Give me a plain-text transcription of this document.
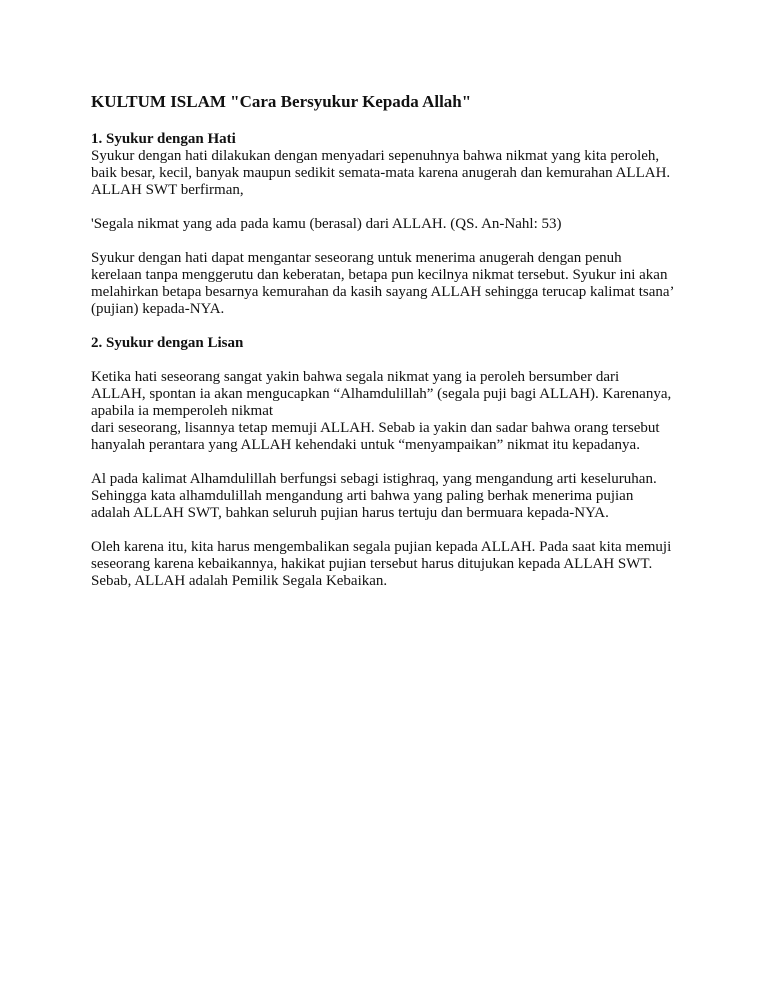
KULTUM ISLAM "Cara Bersyukur Kepada Allah"
1. Syukur dengan Hati
Syukur dengan hati dilakukan dengan menyadari sepenuhnya bahwa nikmat yang kita peroleh,
baik besar, kecil, banyak maupun sedikit semata-mata karena anugerah dan kemurahan ALLAH.
ALLAH SWT berfirman,
'Segala nikmat yang ada pada kamu (berasal) dari ALLAH. (QS. An-Nahl: 53)
Syukur dengan hati dapat mengantar seseorang untuk menerima anugerah dengan penuh
kerelaan tanpa menggerutu dan keberatan, betapa pun kecilnya nikmat tersebut. Syukur ini akan
melahirkan betapa besarnya kemurahan da kasih sayang ALLAH sehingga terucap kalimat tsana’
(pujian) kepada-NYA.
2. Syukur dengan Lisan
Ketika hati seseorang sangat yakin bahwa segala nikmat yang ia peroleh bersumber dari
ALLAH, spontan ia akan mengucapkan “Alhamdulillah” (segala puji bagi ALLAH). Karenanya,
apabila ia memperoleh nikmat
dari seseorang, lisannya tetap memuji ALLAH. Sebab ia yakin dan sadar bahwa orang tersebut
hanyalah perantara yang ALLAH kehendaki untuk “menyampaikan” nikmat itu kepadanya.
Al pada kalimat Alhamdulillah berfungsi sebagi istighraq, yang mengandung arti keseluruhan.
Sehingga kata alhamdulillah mengandung arti bahwa yang paling berhak menerima pujian
adalah ALLAH SWT, bahkan seluruh pujian harus tertuju dan bermuara kepada-NYA.
Oleh karena itu, kita harus mengembalikan segala pujian kepada ALLAH. Pada saat kita memuji
seseorang karena kebaikannya, hakikat pujian tersebut harus ditujukan kepada ALLAH SWT.
Sebab, ALLAH adalah Pemilik Segala Kebaikan.
